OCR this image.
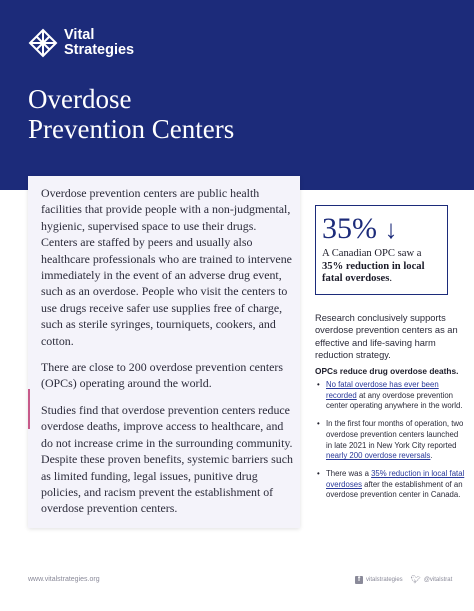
Vital
Strategies
Overdose
Prevention Centers

Overdose prevention centers are public health facilities that provide people with a non-judgmental, hygienic, supervised space to use their drugs. Centers are staffed by peers and usually also healthcare professionals who are trained to intervene immediately in the event of an adverse drug event, such as an overdose. People who visit the centers to use drugs receive safer use supplies free of charge, such as sterile syringes, tourniquets, cookers, and cotton.

There are close to 200 overdose prevention centers (OPCs) operating around the world.

Studies find that overdose prevention centers reduce overdose deaths, improve access to healthcare, and do not increase crime in the surrounding community. Despite these proven benefits, systemic barriers such as limited funding, legal issues, punitive drug policies, and racism prevent the establishment of overdose prevention centers.

35% ↓
A Canadian OPC saw a 35% reduction in local fatal overdoses.
Research conclusively supports overdose prevention centers as an effective and life-saving harm reduction strategy.
OPCs reduce drug overdose deaths.
• No fatal overdose has ever been recorded at any overdose prevention center operating anywhere in the world.
• In the first four months of operation, two overdose prevention centers launched in late 2021 in New York City reported nearly 200 overdose reversals.
• There was a 35% reduction in local fatal overdoses after the establishment of an overdose prevention center in Canada.
www.vitalstrategies.org	f vitalstrategies 🐦︎ @vitalstrat
